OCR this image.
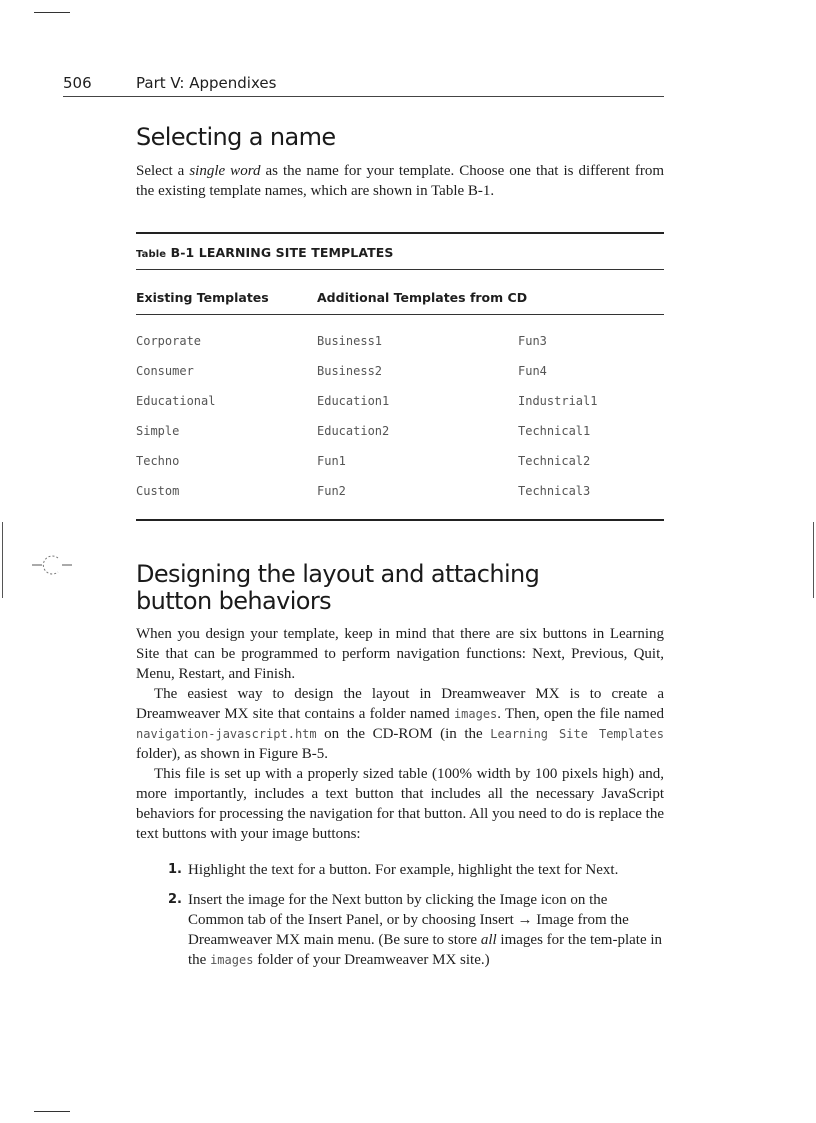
506	Part V: Appendixes
Selecting a name

Select a single word as the name for your template. Choose one that is different from the existing template names, which are shown in Table B-1.

Table B-1 LEARNING SITE TEMPLATES
Existing Templates	Additional Templates from CD
Corporate	Business1	Fun3
Consumer	Business2	Fun4
Educational	Education1	Industrial1
Simple	Education2	Technical1
Techno	Fun1	Technical2
Custom	Fun2	Technical3
Designing the layout and attaching
button behaviors

When you design your template, keep in mind that there are six buttons in Learning Site that can be programmed to perform navigation functions: Next, Previous, Quit, Menu, Restart, and Finish.

The easiest way to design the layout in Dreamweaver MX is to create a Dreamweaver MX site that contains a folder named images. Then, open the file named navigation-javascript.htm on the CD-ROM (in the Learning Site Templates folder), as shown in Figure B-5.

This file is set up with a properly sized table (100% width by 100 pixels high) and, more importantly, includes a text button that includes all the necessary JavaScript behaviors for processing the navigation for that button. All you need to do is replace the text buttons with your image buttons:

1. Highlight the text for a button. For example, highlight the text for Next.
2. Insert the image for the Next button by clicking the Image icon on the Common tab of the Insert Panel, or by choosing Insert → Image from the Dreamweaver MX main menu. (Be sure to store all images for the tem-plate in the images folder of your Dreamweaver MX site.)
